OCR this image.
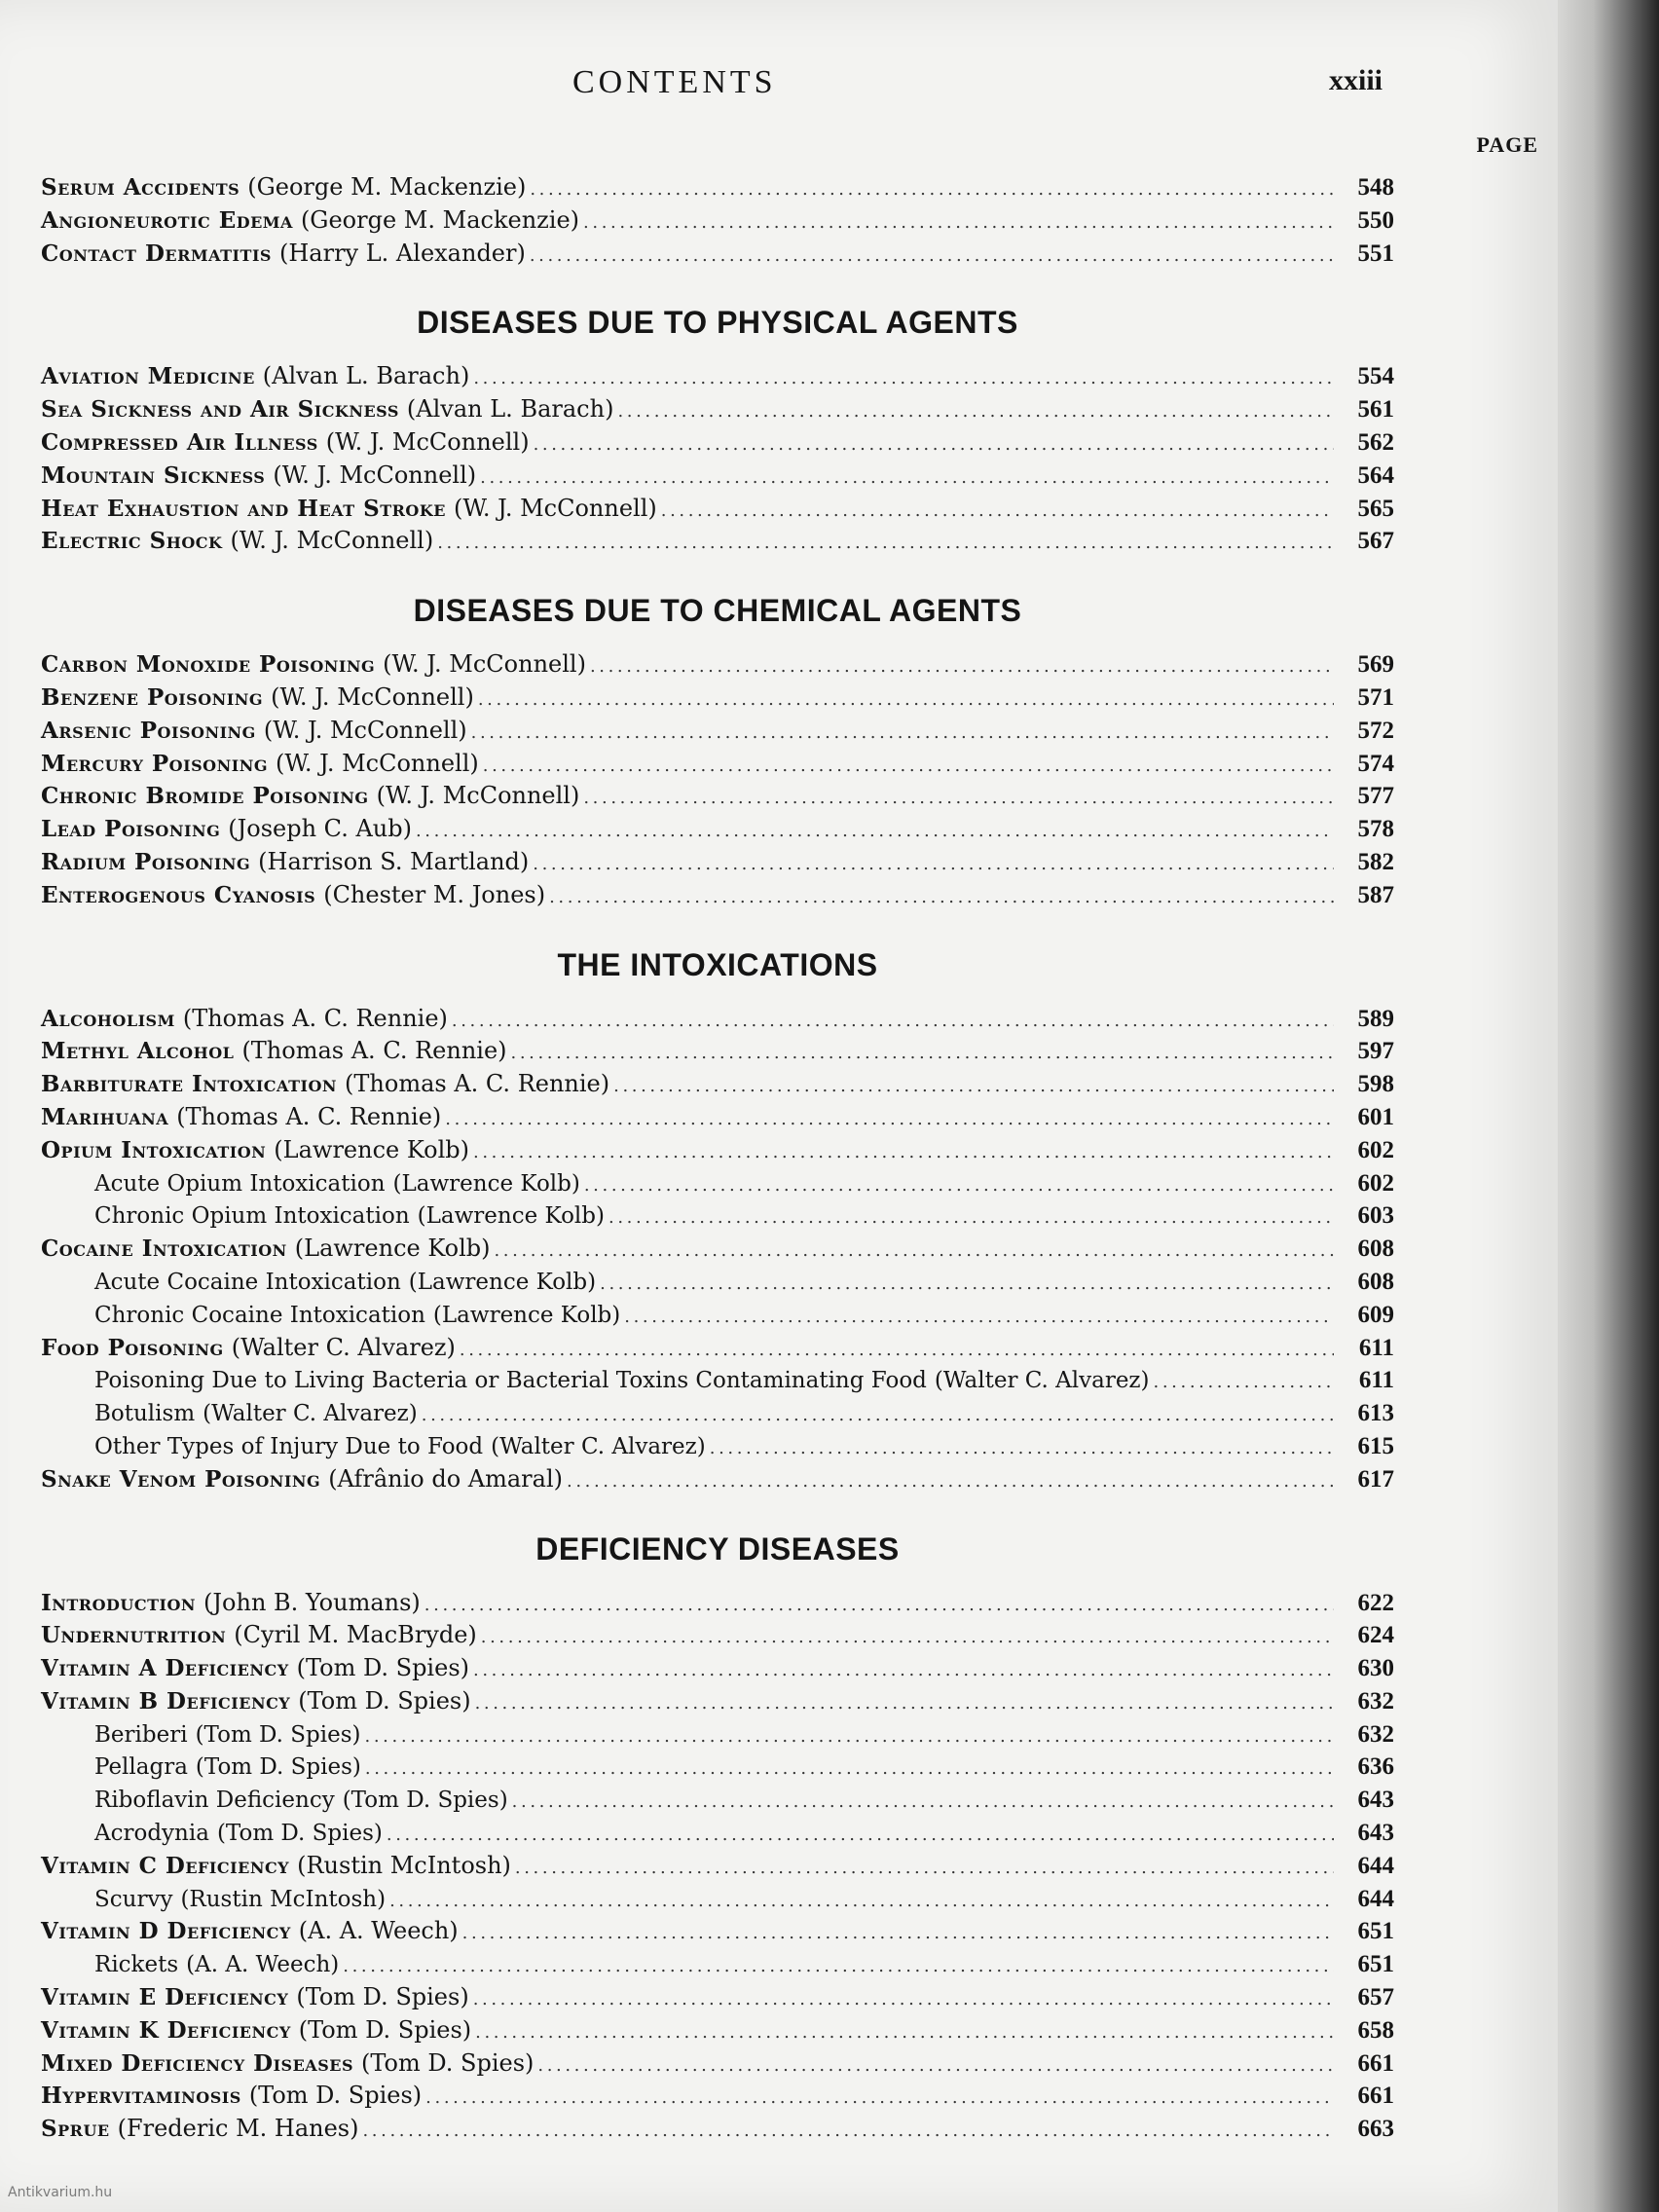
CONTENTS	xxiii
PAGE
Serum Accidents (George M. Mackenzie) .....	548
Angioneurotic Edema (George M. Mackenzie) .....	550
Contact Dermatitis (Harry L. Alexander) .....	551
DISEASES DUE TO PHYSICAL AGENTS
Aviation Medicine (Alvan L. Barach) .....	554
Sea Sickness and Air Sickness (Alvan L. Barach) .....	561
Compressed Air Illness (W. J. McConnell) .....	562
Mountain Sickness (W. J. McConnell) .....	564
Heat Exhaustion and Heat Stroke (W. J. McConnell) .....	565
Electric Shock (W. J. McConnell) .....	567
DISEASES DUE TO CHEMICAL AGENTS
Carbon Monoxide Poisoning (W. J. McConnell) .....	569
Benzene Poisoning (W. J. McConnell) .....	571
Arsenic Poisoning (W. J. McConnell) .....	572
Mercury Poisoning (W. J. McConnell) .....	574
Chronic Bromide Poisoning (W. J. McConnell) .....	577
Lead Poisoning (Joseph C. Aub) .....	578
Radium Poisoning (Harrison S. Martland) .....	582
Enterogenous Cyanosis (Chester M. Jones) .....	587
THE INTOXICATIONS
Alcoholism (Thomas A. C. Rennie) .....	589
Methyl Alcohol (Thomas A. C. Rennie) .....	597
Barbiturate Intoxication (Thomas A. C. Rennie) .....	598
Marihuana (Thomas A. C. Rennie) .....	601
Opium Intoxication (Lawrence Kolb) .....	602
Acute Opium Intoxication (Lawrence Kolb) .....	602
Chronic Opium Intoxication (Lawrence Kolb) .....	603
Cocaine Intoxication (Lawrence Kolb) .....	608
Acute Cocaine Intoxication (Lawrence Kolb) .....	608
Chronic Cocaine Intoxication (Lawrence Kolb) .....	609
Food Poisoning (Walter C. Alvarez) .....	611
Poisoning Due to Living Bacteria or Bacterial Toxins Contaminating Food (Walter C. Alvarez) .....	611
Botulism (Walter C. Alvarez) .....	613
Other Types of Injury Due to Food (Walter C. Alvarez) .....	615
Snake Venom Poisoning (Afrânio do Amaral) .....	617
DEFICIENCY DISEASES
Introduction (John B. Youmans) .....	622
Undernutrition (Cyril M. MacBryde) .....	624
Vitamin A Deficiency (Tom D. Spies) .....	630
Vitamin B Deficiency (Tom D. Spies) .....	632
Beriberi (Tom D. Spies) .....	632
Pellagra (Tom D. Spies) .....	636
Riboflavin Deficiency (Tom D. Spies) .....	643
Acrodynia (Tom D. Spies) .....	643
Vitamin C Deficiency (Rustin McIntosh) .....	644
Scurvy (Rustin McIntosh) .....	644
Vitamin D Deficiency (A. A. Weech) .....	651
Rickets (A. A. Weech) .....	651
Vitamin E Deficiency (Tom D. Spies) .....	657
Vitamin K Deficiency (Tom D. Spies) .....	658
Mixed Deficiency Diseases (Tom D. Spies) .....	661
Hypervitaminosis (Tom D. Spies) .....	661
Sprue (Frederic M. Hanes) .....	663
Antikvarium.hu
